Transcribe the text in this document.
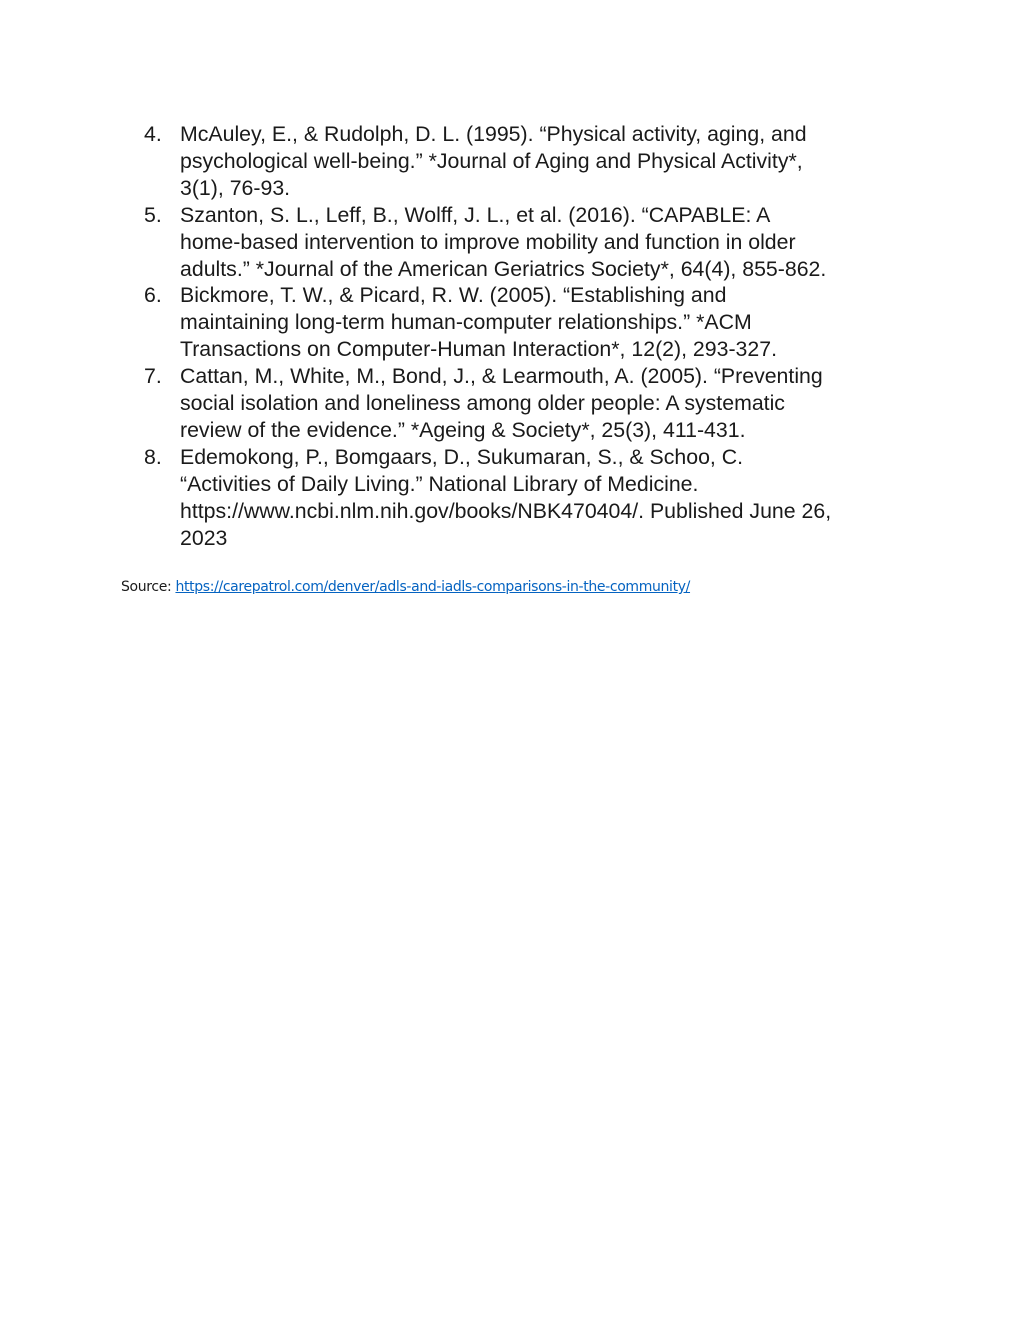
4. McAuley, E., & Rudolph, D. L. (1995). “Physical activity, aging, and
psychological well-being.” *Journal of Aging and Physical Activity*,
3(1), 76-93.
5. Szanton, S. L., Leff, B., Wolff, J. L., et al. (2016). “CAPABLE: A
home-based intervention to improve mobility and function in older
adults.” *Journal of the American Geriatrics Society*, 64(4), 855-862.
6. Bickmore, T. W., & Picard, R. W. (2005). “Establishing and
maintaining long-term human-computer relationships.” *ACM
Transactions on Computer-Human Interaction*, 12(2), 293-327.
7. Cattan, M., White, M., Bond, J., & Learmouth, A. (2005). “Preventing
social isolation and loneliness among older people: A systematic
review of the evidence.” *Ageing & Society*, 25(3), 411-431.
8. Edemokong, P., Bomgaars, D., Sukumaran, S., & Schoo, C.
“Activities of Daily Living.” National Library of Medicine.
https://www.ncbi.nlm.nih.gov/books/NBK470404/. Published June 26,
2023
Source: https://carepatrol.com/denver/adls-and-iadls-comparisons-in-the-community/
